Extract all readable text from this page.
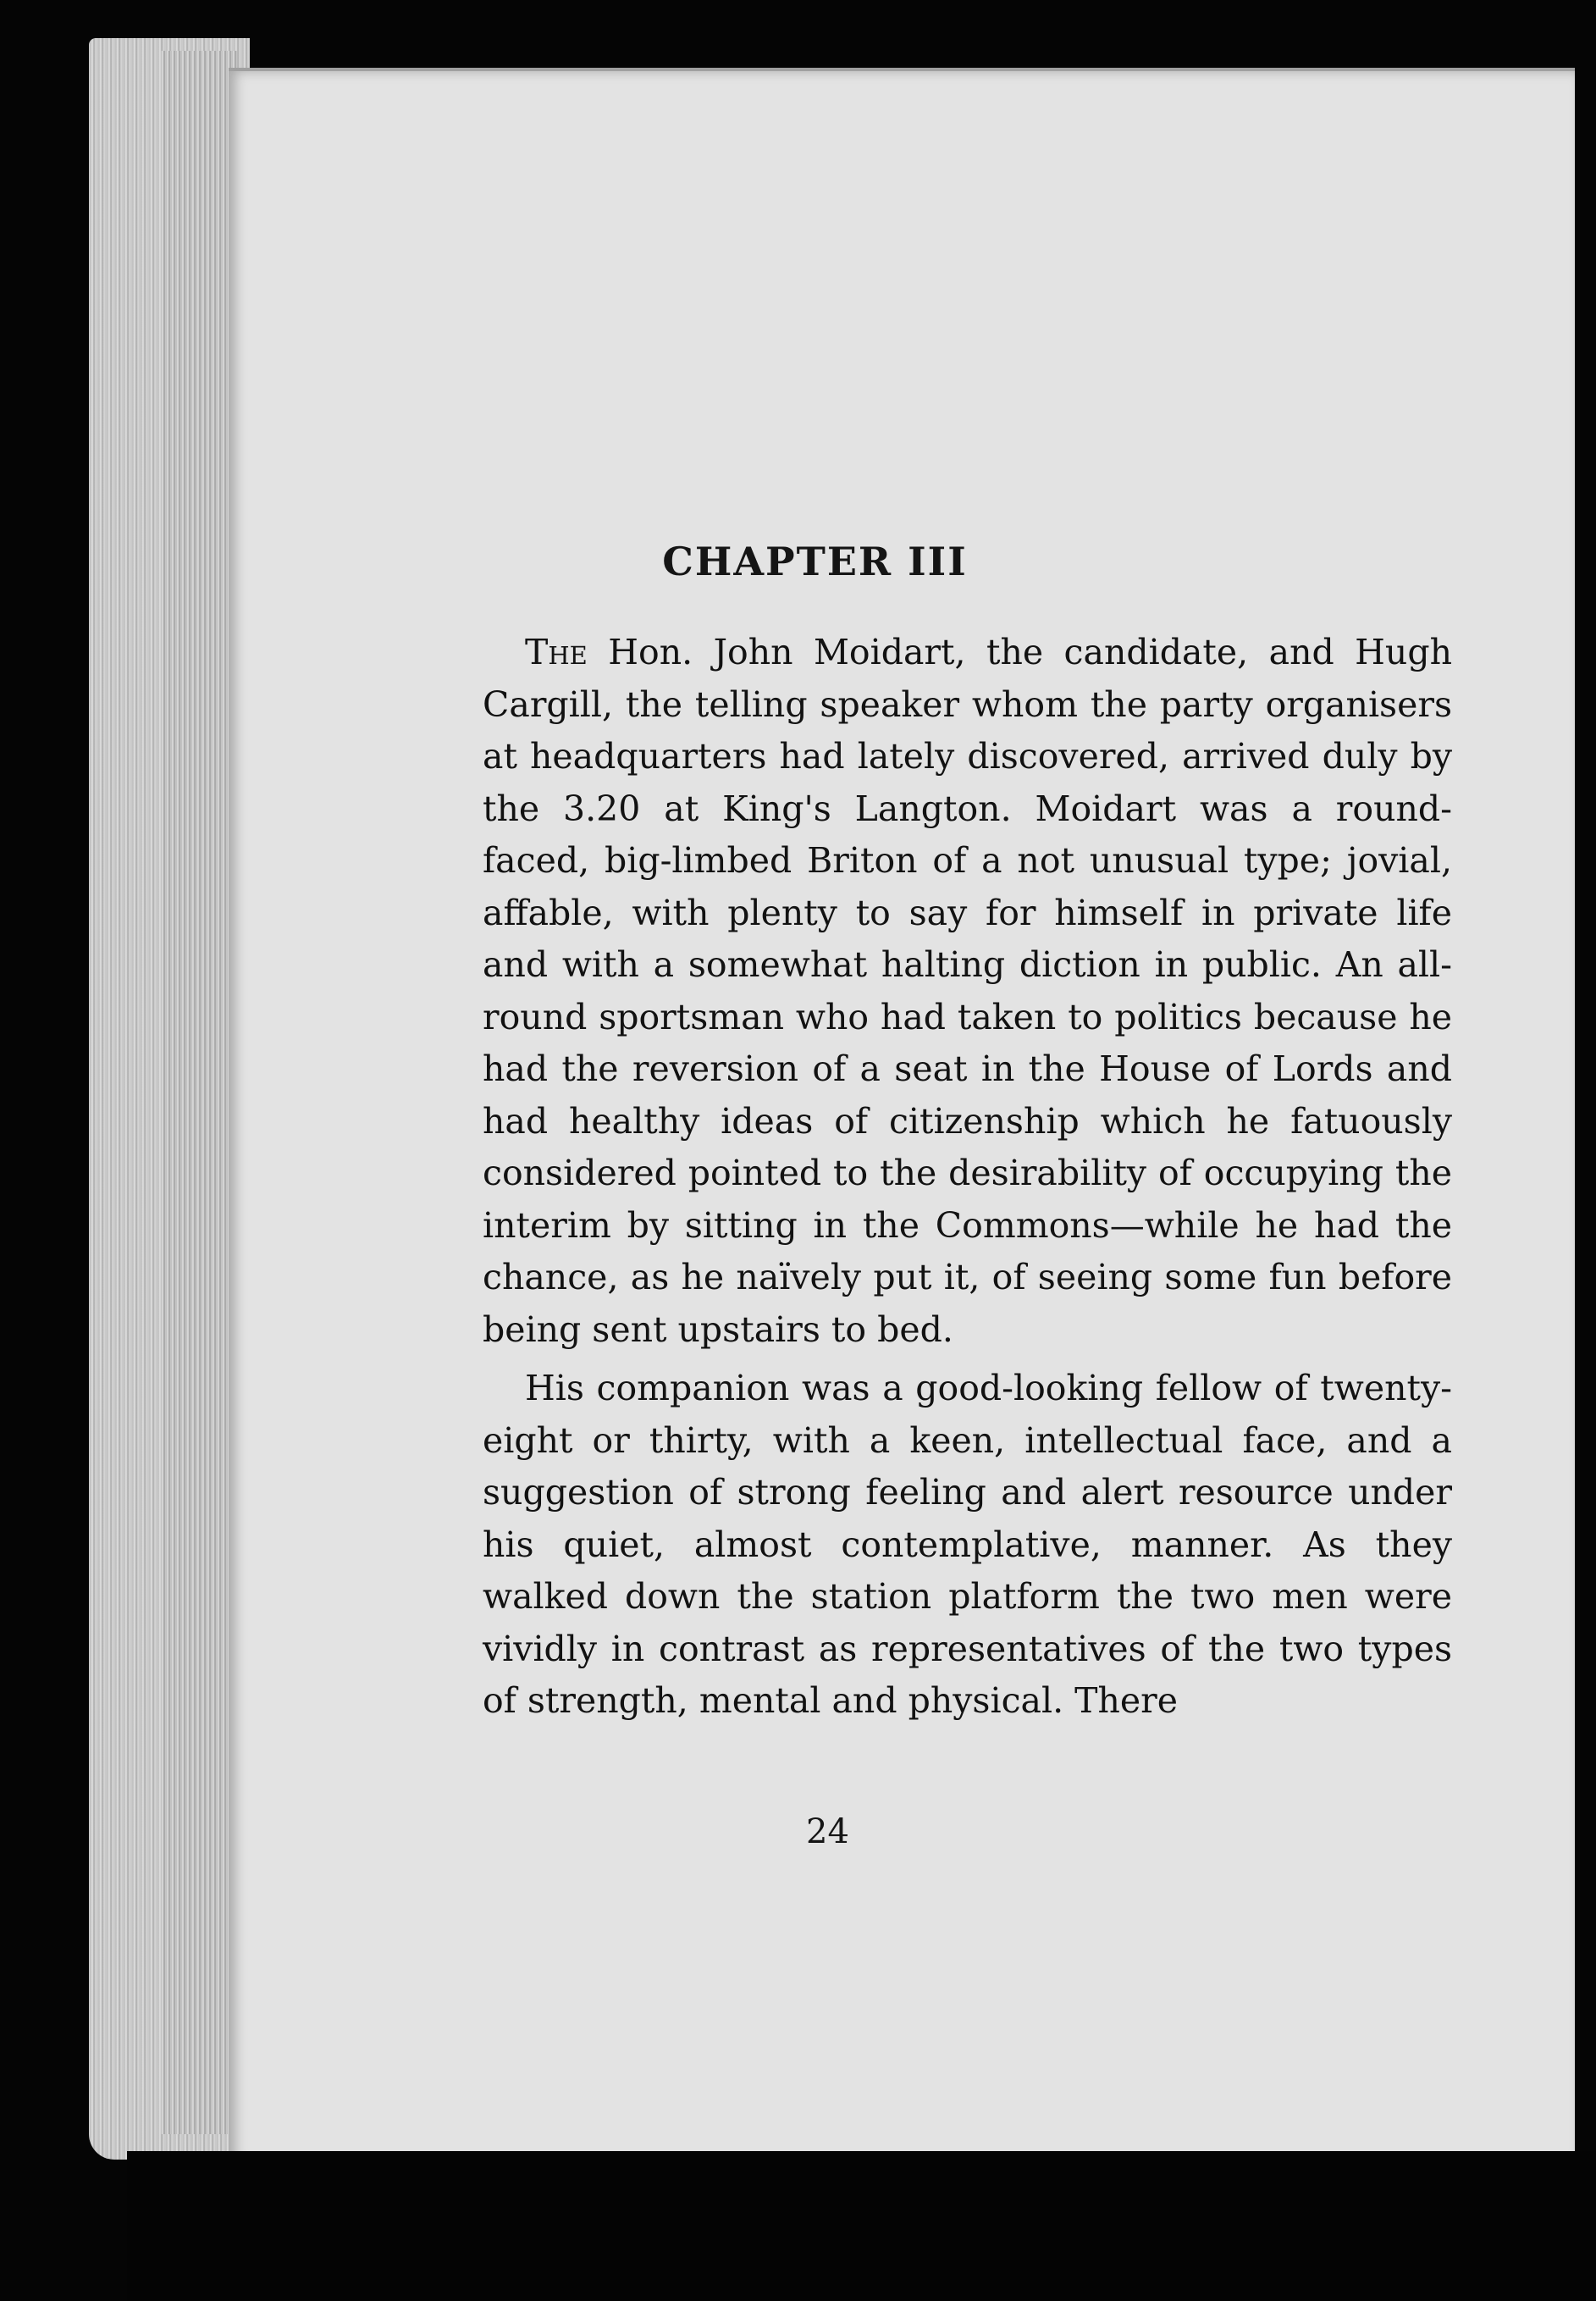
CHAPTER III

The Hon. John Moidart, the candidate, and Hugh Cargill, the telling speaker whom the party organisers at headquarters had lately discovered, arrived duly by the 3.20 at King's Langton. Moidart was a round-faced, big-limbed Briton of a not unusual type; jovial, affable, with plenty to say for himself in private life and with a somewhat halting diction in public. An all-round sportsman who had taken to politics because he had the reversion of a seat in the House of Lords and had healthy ideas of citizenship which he fatuously considered pointed to the desirability of occupying the interim by sitting in the Commons—while he had the chance, as he naïvely put it, of seeing some fun before being sent upstairs to bed.

His companion was a good-looking fellow of twenty-eight or thirty, with a keen, intellectual face, and a suggestion of strong feeling and alert resource under his quiet, almost contemplative, manner. As they walked down the station platform the two men were vividly in contrast as representatives of the two types of strength, mental and physical. There

24
